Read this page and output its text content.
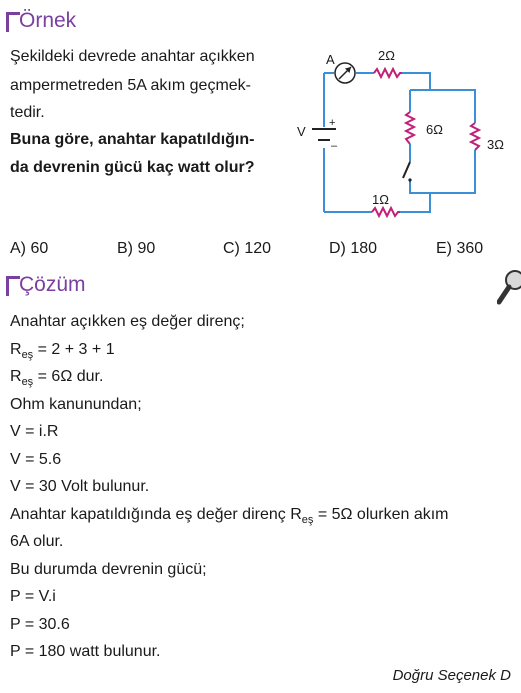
Örnek
Şekildeki devrede anahtar açıkken
ampermetreden 5A akım geçmek-
tedir.
Buna göre, anahtar kapatıldığın-
da devrenin gücü kaç watt olur?
A
V
+
–
2Ω
6Ω
3Ω
1Ω
A) 60	B) 90	C) 120	D) 180	E) 360
Çözüm
Anahtar açıkken eş değer direnç;
$R_{eş} = 2 + 3 + 1$
$R_{eş} = 6\Omega$ dur.
Ohm kanunundan;
V = i.R
V = 5.6
V = 30 Volt bulunur.
Anahtar kapatıldığında eş değer direnç $R_{eş} = 5\Omega$ olurken akım
6A olur.
Bu durumda devrenin gücü;
P = V.i
P = 30.6
P = 180 watt bulunur.
Doğru Seçenek D
